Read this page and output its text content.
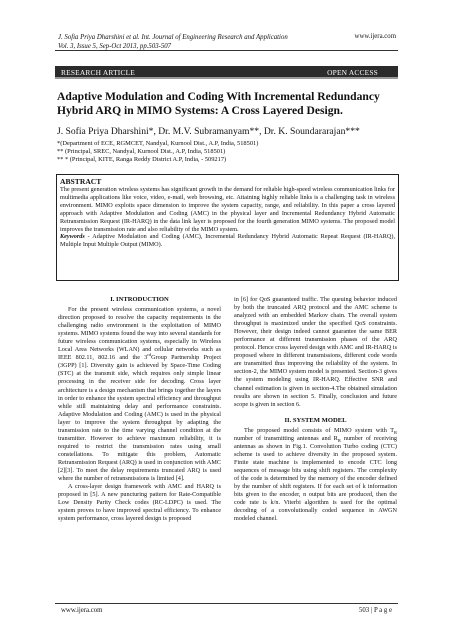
J. Sofia Priya Dharshini et al. Int. Journal of Engineering Research and Application
Vol. 3, Issue 5, Sep-Oct 2013, pp.503-507
www.ijera.com
RESEARCH ARTICLE	OPEN ACCESS
Adaptive Modulation and Coding With Incremental Redundancy Hybrid ARQ in MIMO Systems: A Cross Layered Design.
J. Sofia Priya Dharshini*, Dr. M.V. Subramanyam**, Dr. K. Soundararajan***
*(Department of ECE, RGMCET, Nandyal, Kurnool Dist., A.P, India, 518501)
** (Principal, SREC, Nandyal, Kurnool Dist., A.P, India, 518501)
** * (Principal, KITE, Ranga Reddy District A.P, India, - 509217)
ABSTRACT
The present generation wireless systems has significant growth in the demand for reliable high-speed wireless communication links for multimedia applications like voice, video, e-mail, web browsing, etc. Attaining highly reliable links is a challenging task in wireless environment. MIMO exploits space dimension to improve the system capacity, range, and reliability. In this paper a cross layered approach with Adaptive Modulation and Coding (AMC) in the physical layer and Incremental Redundancy Hybrid Automatic Retransmission Request (IR-HARQ) in the data link layer is proposed for the fourth generation MIMO systems. The proposed model improves the transmission rate and also reliability of the MIMO system.
Keywords - Adaptive Modulation and Coding (AMC), Incremental Redundancy Hybrid Automatic Repeat Request (IR-HARQ), Multiple Input Multiple Output (MIMO).
I. INTRODUCTION

For the present wireless communication systems, a novel direction proposed to resolve the capacity requirements in the challenging radio environment is the exploitation of MIMO systems. MIMO systems found the way into several standards for future wireless communication systems, especially in Wireless Local Area Networks (WLAN) and cellular networks such as IEEE 802.11, 802.16 and the 3rdGroup Partnership Project (3GPP) [1]. Diversity gain is achieved by Space-Time Coding (STC) at the transmit side, which requires only simple linear processing in the receiver side for decoding. Cross layer architecture is a design mechanism that brings together the layers in order to enhance the system spectral efficiency and throughput while still maintaining delay and performance constraints. Adaptive Modulation and Coding (AMC) is used in the physical layer to improve the system throughput by adapting the transmission rate to the time varying channel condition at the transmitter. However to achieve maximum reliability, it is required to restrict the transmission rates using small constellations. To mitigate this problem, Automatic Retransmission Request (ARQ) is used in conjunction with AMC [2][3]. To meet the delay requirements truncated ARQ is used where the number of retransmissions is limited [4].

A cross-layer design framework with AMC and HARQ is proposed in [5]. A new puncturing pattern for Rate-Compatible Low Density Parity Check codes (RC-LDPC) is used. The system proves to have improved spectral efficiency. To enhance system performance, cross layered design is proposed

in [6] for QoS guaranteed traffic. The queuing behavior induced by both the truncated ARQ protocol and the AMC scheme is analyzed with an embedded Markov chain. The overall system throughput is maximized under the specified QoS constraints. However, their design indeed cannot guarantee the same BER performance at different transmission phases of the ARQ protocol. Hence cross layered design with AMC and IR-HARQ is proposed where in different transmissions, different code words are transmitted thus improving the reliability of the system. In section-2, the MIMO system model is presented. Section-3 gives the system modeling using IR-HARQ. Effective SNR and channel estimation is given in section-4.The obtained simulation results are shown in section 5. Finally, conclusion and future scope is given in section 6.

II. SYSTEM MODEL

The proposed model consists of MIMO system with $T_R$ number of transmitting antennas and $R_R$ number of receiving antennas as shown in Fig.1. Convolution Turbo coding (CTC) scheme is used to achieve diversity in the proposed system. Finite state machine is implemented to encode CTC long sequences of message bits using shift registers. The complexity of the code is determined by the memory of the encoder defined by the number of shift registers. If for each set of k information bits given to the encoder, n output bits are produced, then the code rate is k/n. Viterbi algorithm is used for the optimal decoding of a convolutionally coded sequence in AWGN modeled channel.

www.ijera.com	503 | P a g e
